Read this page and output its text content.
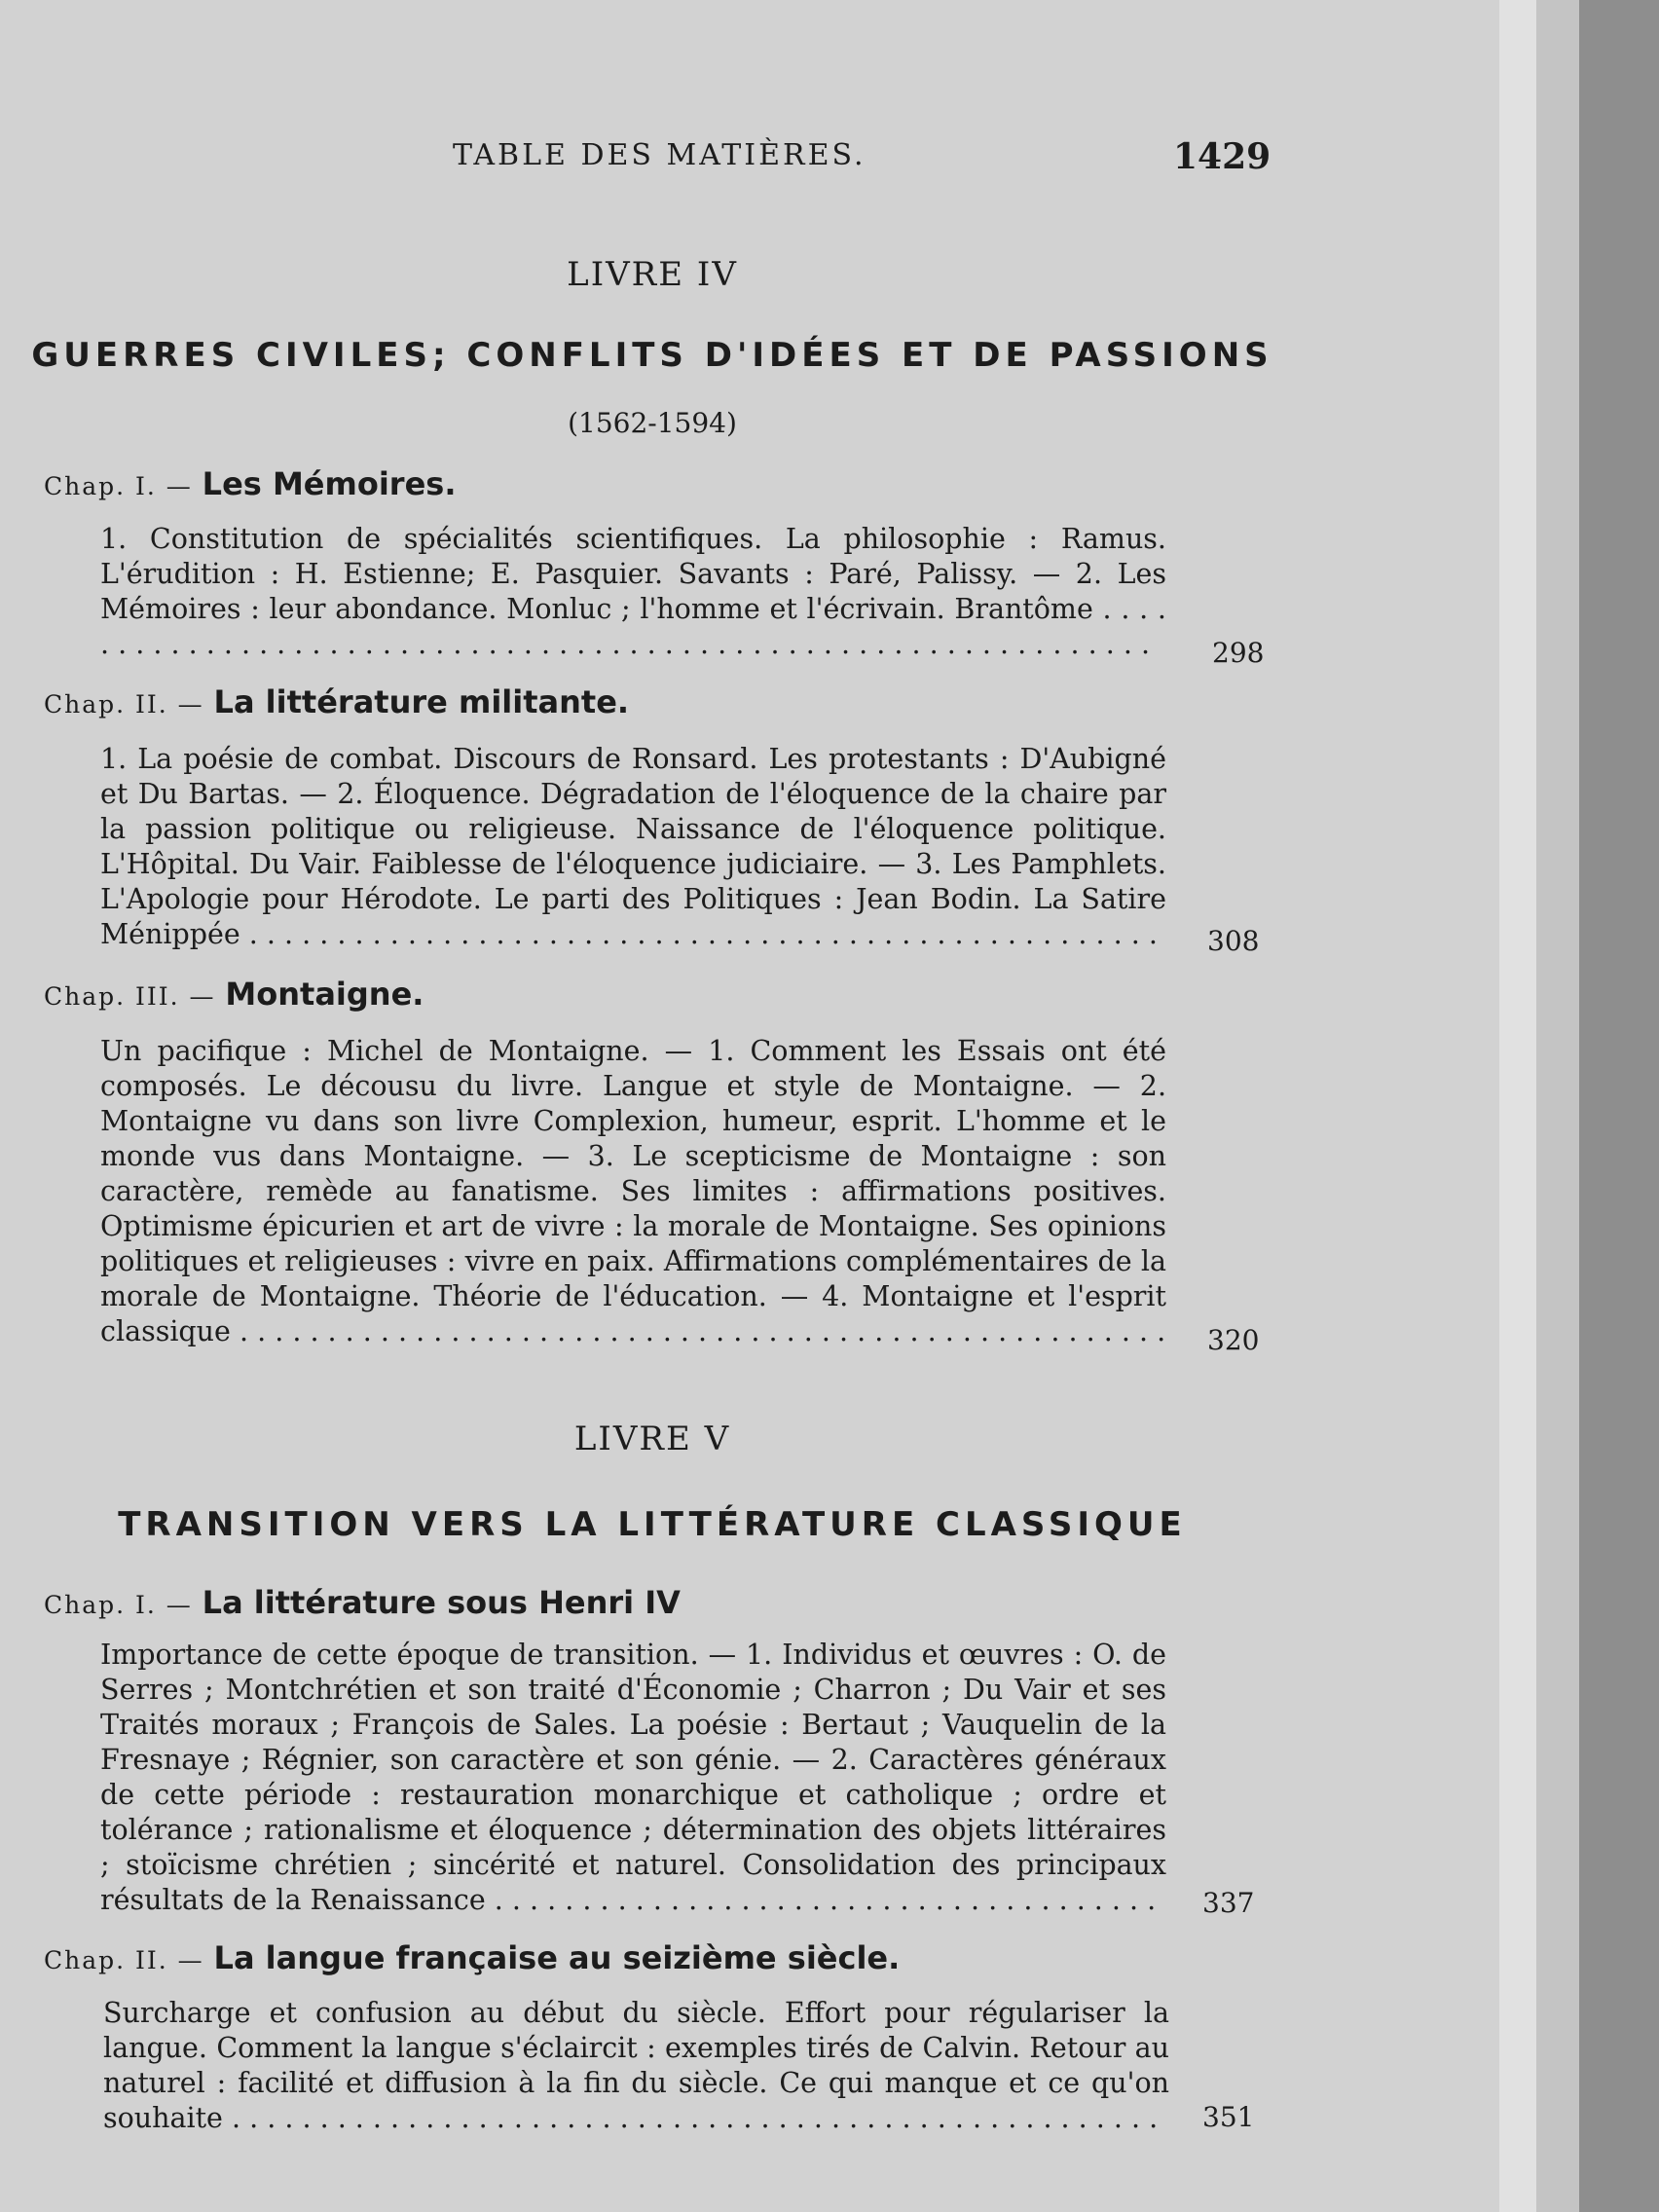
TABLE DES MATIÈRES.	1429
LIVRE IV
GUERRES CIVILES; CONFLITS D'IDÉES ET DE PASSIONS
(1562-1594)
Chap. I. — Les Mémoires.
1. Constitution de spécialités scientifiques. La philosophie : Ramus. L'érudition : H. Estienne; E. Pasquier. Savants : Paré, Palissy. — 2. Les Mémoires : leur abondance. Monluc ; l'homme et l'écrivain. Brantôme . . . . . . . . . . . . . . . . . . . . . . . . . . . . . . . . . . . . . . . . . . . . . . . . . . . . . . . . . . . . . . . .	298
Chap. II. — La littérature militante.
1. La poésie de combat. Discours de Ronsard. Les protestants : D'Aubigné et Du Bartas. — 2. Éloquence. Dégradation de l'éloquence de la chaire par la passion politique ou religieuse. Naissance de l'éloquence politique. L'Hôpital. Du Vair. Faiblesse de l'éloquence judiciaire. — 3. Les Pamphlets. L'Apologie pour Hérodote. Le parti des Politiques : Jean Bodin. La Satire Ménippée . . . . . . . . . . . . . . . . . . . . . . . . . . . . . . . . . . . . . . . . . . . . . . . . . . . .	308
Chap. III. — Montaigne.
Un pacifique : Michel de Montaigne. — 1. Comment les Essais ont été composés. Le décousu du livre. Langue et style de Montaigne. — 2. Montaigne vu dans son livre Complexion, humeur, esprit. L'homme et le monde vus dans Montaigne. — 3. Le scepticisme de Montaigne : son caractère, remède au fanatisme. Ses limites : affirmations positives. Optimisme épicurien et art de vivre : la morale de Montaigne. Ses opinions politiques et religieuses : vivre en paix. Affirmations complémentaires de la morale de Montaigne. Théorie de l'éducation. — 4. Montaigne et l'esprit classique . . . . . . . . . . . . . . . . . . . . . . . . . . . . . . . . . . . . . . . . . . . . . . . . . . . . . 320
LIVRE V
TRANSITION VERS LA LITTÉRATURE CLASSIQUE
Chap. I. — La littérature sous Henri IV
Importance de cette époque de transition. — 1. Individus et œuvres : O. de Serres ; Montchrétien et son traité d'Économie ; Charron ; Du Vair et ses Traités moraux ; François de Sales. La poésie : Bertaut ; Vauquelin de la Fresnaye ; Régnier, son caractère et son génie. — 2. Caractères généraux de cette période : restauration monarchique et catholique ; ordre et tolérance ; rationalisme et éloquence ; détermination des objets littéraires ; stoïcisme chrétien ; sincérité et naturel. Consolidation des principaux résultats de la Renaissance . . . . . . . . . . . . . . . . . . . . . . . . . . . . . . . . . . . . . .	337
Chap. II. — La langue française au seizième siècle.
Surcharge et confusion au début du siècle. Effort pour régulariser la langue. Comment la langue s'éclaircit : exemples tirés de Calvin. Retour au naturel : facilité et diffusion à la fin du siècle. Ce qui manque et ce qu'on souhaite . . . . . . . . . . . . . . . . . . . . . . . . . . . . . . . . . . . . . . . . . . . . . . . . . . . . .	351
